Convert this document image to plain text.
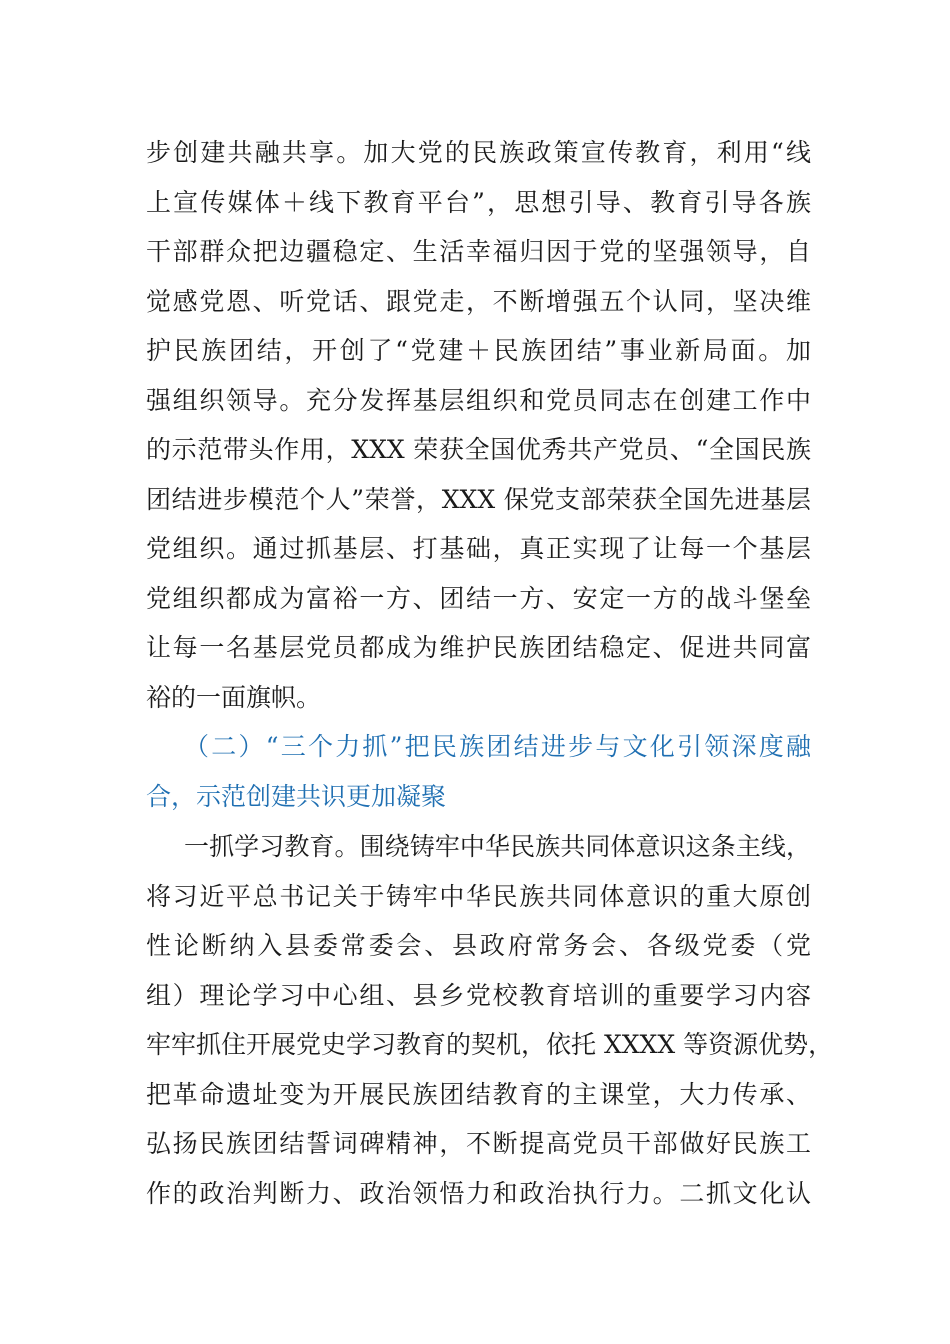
步创建共融共享。加大党的民族政策宣传教育，利用“线
上宣传媒体＋线下教育平台”，思想引导、教育引导各族
干部群众把边疆稳定、生活幸福归因于党的坚强领导，自
觉感党恩、听党话、跟党走，不断增强五个认同，坚决维
护民族团结，开创了“党建＋民族团结”事业新局面。加
强组织领导。充分发挥基层组织和党员同志在创建工作中
的示范带头作用，XXX 荣获全国优秀共产党员、“全国民族
团结进步模范个人”荣誉，XXX 保党支部荣获全国先进基层
党组织。通过抓基层、打基础，真正实现了让每一个基层
党组织都成为富裕一方、团结一方、安定一方的战斗堡垒
让每一名基层党员都成为维护民族团结稳定、促进共同富
裕的一面旗帜。
（二）“三个力抓”把民族团结进步与文化引领深度融
合，示范创建共识更加凝聚
一抓学习教育。围绕铸牢中华民族共同体意识这条主线，
将习近平总书记关于铸牢中华民族共同体意识的重大原创
性论断纳入县委常委会、县政府常务会、各级党委（党
组）理论学习中心组、县乡党校教育培训的重要学习内容
牢牢抓住开展党史学习教育的契机，依托 XXXX 等资源优势，
把革命遗址变为开展民族团结教育的主课堂，大力传承、
弘扬民族团结誓词碑精神，不断提高党员干部做好民族工
作的政治判断力、政治领悟力和政治执行力。二抓文化认
